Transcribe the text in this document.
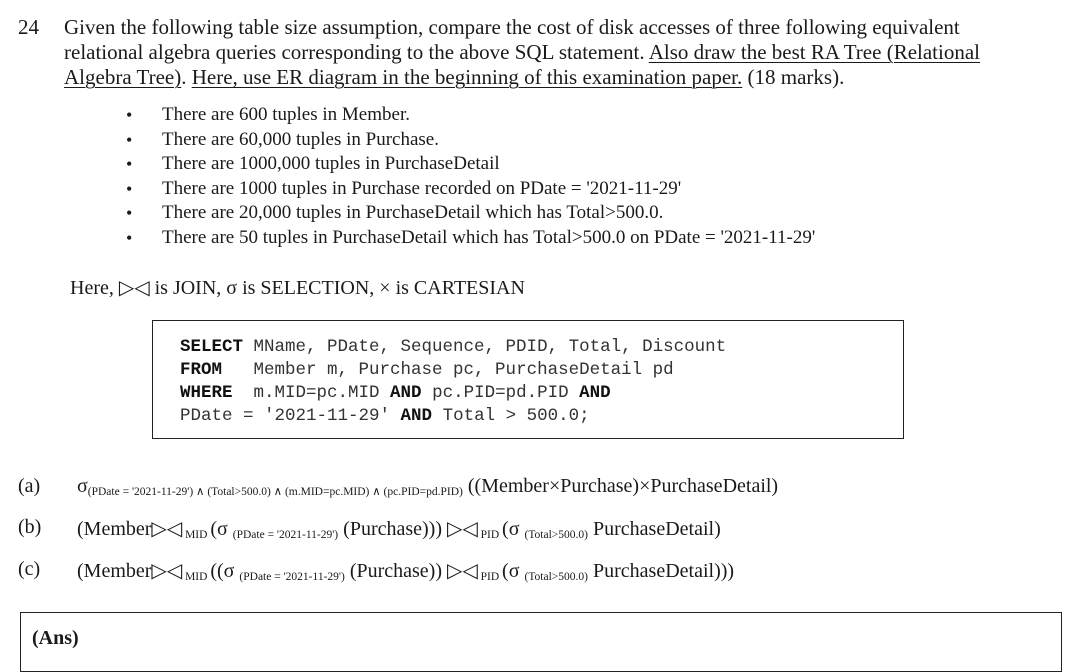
24 Given the following table size assumption, compare the cost of disk accesses of three following equivalent
relational algebra queries corresponding to the above SQL statement. Also draw the best RA Tree (Relational
Algebra Tree). Here, use ER diagram in the beginning of this examination paper. (18 marks).
• There are 600 tuples in Member.
• There are 60,000 tuples in Purchase.
• There are 1000,000 tuples in PurchaseDetail
• There are 1000 tuples in Purchase recorded on PDate = '2021-11-29'
• There are 20,000 tuples in PurchaseDetail which has Total>500.0.
• There are 50 tuples in PurchaseDetail which has Total>500.0 on PDate = '2021-11-29'
Here, ▷◁ is JOIN, σ is SELECTION, × is CARTESIAN
SELECT MName, PDate, Sequence, PDID, Total, Discount
FROM   Member m, Purchase pc, PurchaseDetail pd
WHERE  m.MID=pc.MID AND pc.PID=pd.PID AND
PDate = '2021-11-29' AND Total > 500.0;
(a) σ(PDate = '2021-11-29') ∧ (Total>500.0) ∧ (m.MID=pc.MID) ∧ (pc.PID=pd.PID) ((Member×Purchase)×PurchaseDetail)
(b) (Member▷◁ MID (σ (PDate = '2021-11-29') (Purchase))) ▷◁ PID (σ (Total>500.0) PurchaseDetail)
(c) (Member▷◁ MID ((σ (PDate = '2021-11-29') (Purchase)) ▷◁ PID (σ (Total>500.0) PurchaseDetail)))
(Ans)
